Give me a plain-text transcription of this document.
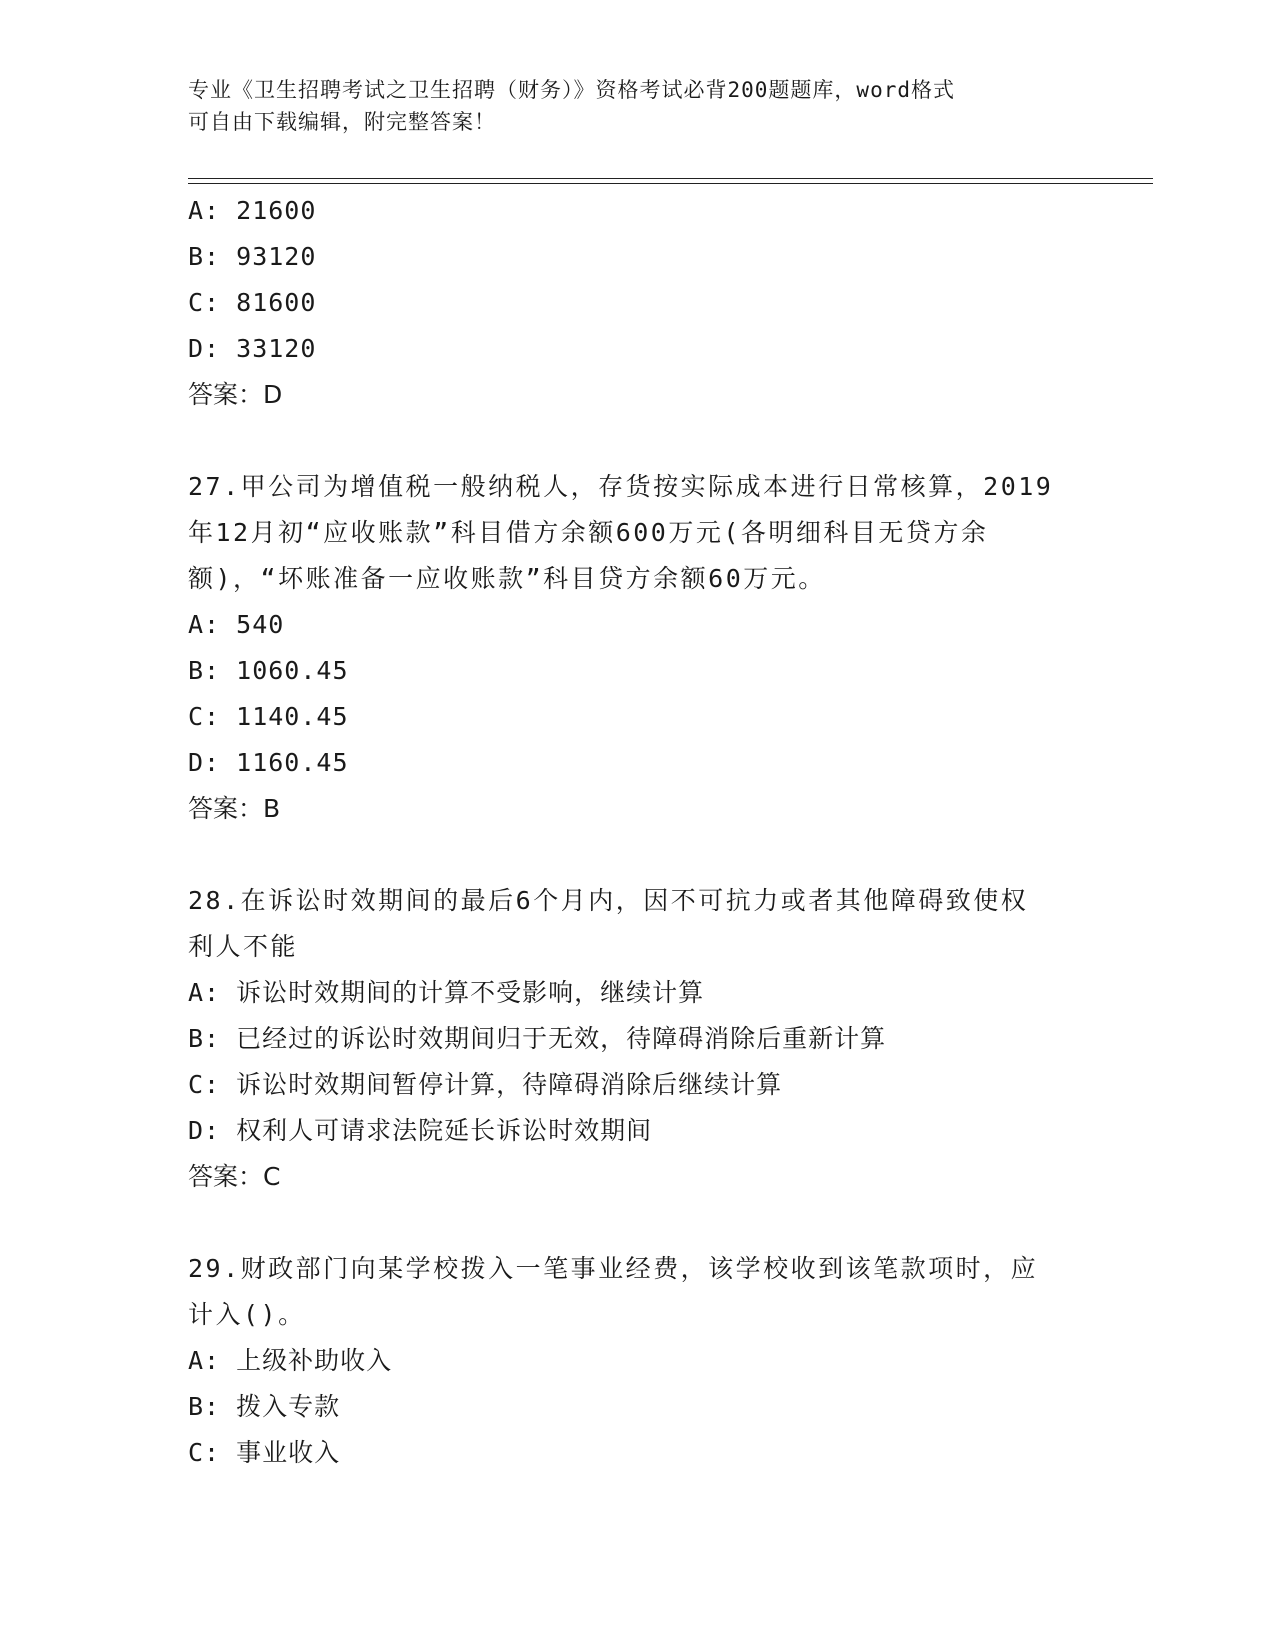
专业《卫生招聘考试之卫生招聘（财务）》资格考试必背200题题库，word格式
可自由下载编辑，附完整答案！
A: 21600
B: 93120
C: 81600
D: 33120
答案：D
27.甲公司为增值税一般纳税人，存货按实际成本进行日常核算，2019
年12月初“应收账款”科目借方余额600万元(各明细科目无贷方余
额)，“坏账准备一应收账款”科目贷方余额60万元。
A: 540
B: 1060.45
C: 1140.45
D: 1160.45
答案：B
28.在诉讼时效期间的最后6个月内，因不可抗力或者其他障碍致使权
利人不能
A: 诉讼时效期间的计算不受影响，继续计算
B: 已经过的诉讼时效期间归于无效，待障碍消除后重新计算
C: 诉讼时效期间暂停计算，待障碍消除后继续计算
D: 权利人可请求法院延长诉讼时效期间
答案：C
29.财政部门向某学校拨入一笔事业经费，该学校收到该笔款项时，应
计入()。
A: 上级补助收入
B: 拨入专款
C: 事业收入
